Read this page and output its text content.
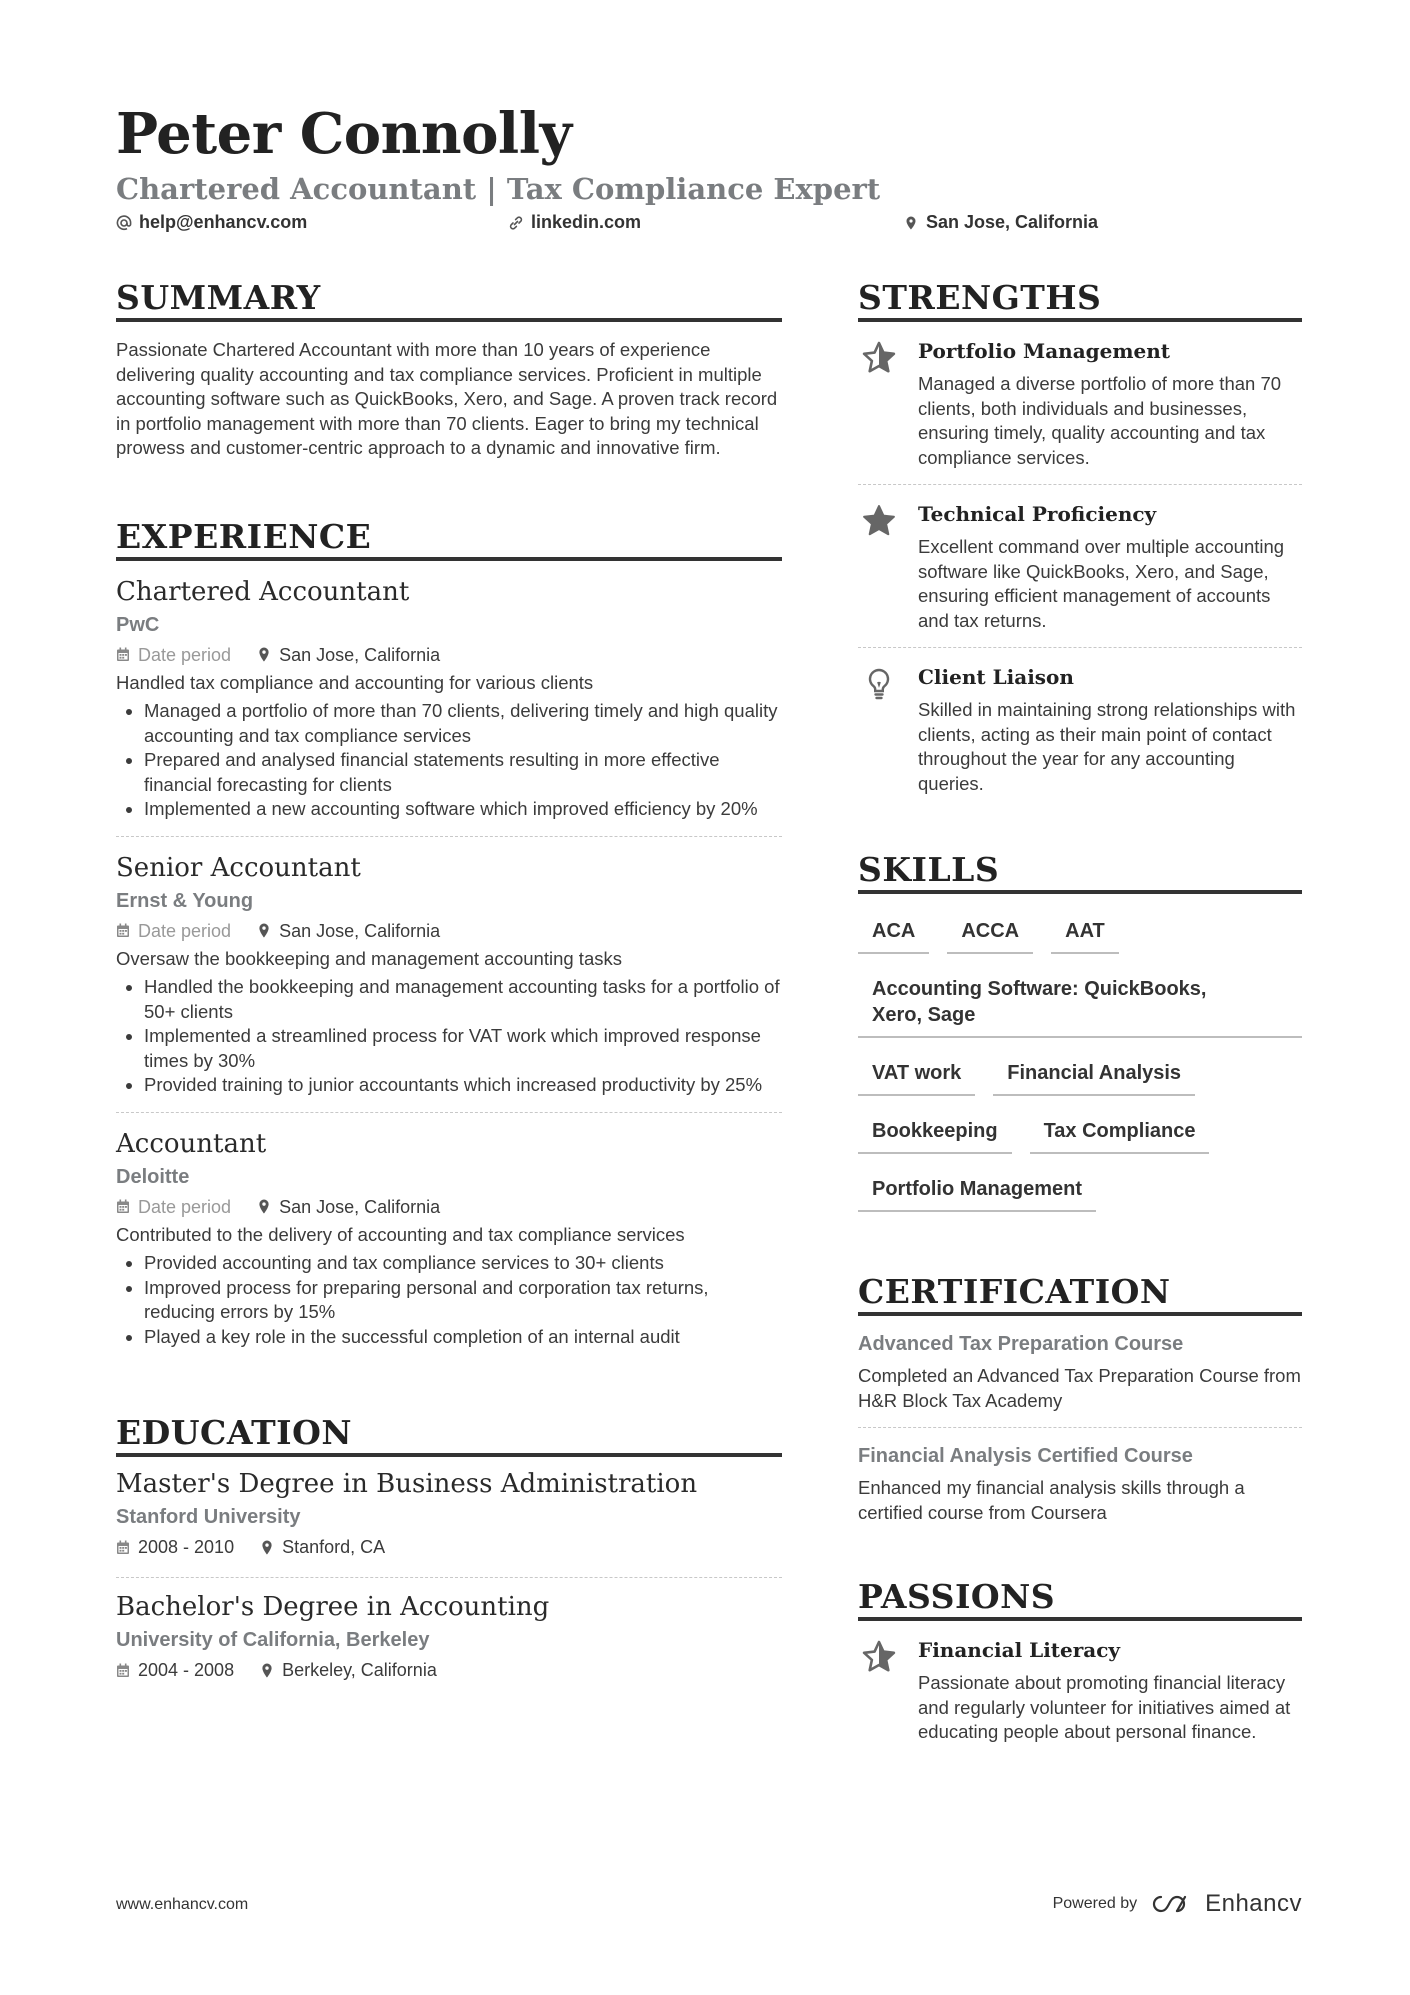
Peter Connolly

Chartered Accountant | Tax Compliance Expert

help@enhancv.com	linkedin.com	San Jose, California
SUMMARY

Passionate Chartered Accountant with more than 10 years of experience delivering quality accounting and tax compliance services. Proficient in multiple accounting software such as QuickBooks, Xero, and Sage. A proven track record in portfolio management with more than 70 clients. Eager to bring my technical prowess and customer-centric approach to a dynamic and innovative firm.

EXPERIENCE

Chartered Accountant

PwC

Date period	San Jose, California

Handled tax compliance and accounting for various clients

• Managed a portfolio of more than 70 clients, delivering timely and high quality accounting and tax compliance services
• Prepared and analysed financial statements resulting in more effective financial forecasting for clients
• Implemented a new accounting software which improved efficiency by 20%

Senior Accountant

Ernst & Young

Date period	San Jose, California

Oversaw the bookkeeping and management accounting tasks

• Handled the bookkeeping and management accounting tasks for a portfolio of 50+ clients
• Implemented a streamlined process for VAT work which improved response times by 30%
• Provided training to junior accountants which increased productivity by 25%

Accountant

Deloitte

Date period	San Jose, California

Contributed to the delivery of accounting and tax compliance services

• Provided accounting and tax compliance services to 30+ clients
• Improved process for preparing personal and corporation tax returns, reducing errors by 15%
• Played a key role in the successful completion of an internal audit
EDUCATION

Master's Degree in Business Administration

Stanford University

2008 - 2010	Stanford, CA

Bachelor's Degree in Accounting

University of California, Berkeley

2004 - 2008	Berkeley, California
STRENGTHS

Portfolio Management

Managed a diverse portfolio of more than 70 clients, both individuals and businesses, ensuring timely, quality accounting and tax compliance services.

Technical Proficiency

Excellent command over multiple accounting software like QuickBooks, Xero, and Sage, ensuring efficient management of accounts and tax returns.

Client Liaison

Skilled in maintaining strong relationships with clients, acting as their main point of contact throughout the year for any accounting queries.

SKILLS
ACA	ACCA	AAT
Accounting Software: QuickBooks, Xero, Sage
VAT work	Financial Analysis
Bookkeeping	Tax Compliance
Portfolio Management
CERTIFICATION

Advanced Tax Preparation Course

Completed an Advanced Tax Preparation Course from H&R Block Tax Academy

Financial Analysis Certified Course

Enhanced my financial analysis skills through a certified course from Coursera

PASSIONS

Financial Literacy

Passionate about promoting financial literacy and regularly volunteer for initiatives aimed at educating people about personal finance.

www.enhancv.com	Powered by	Enhancv
